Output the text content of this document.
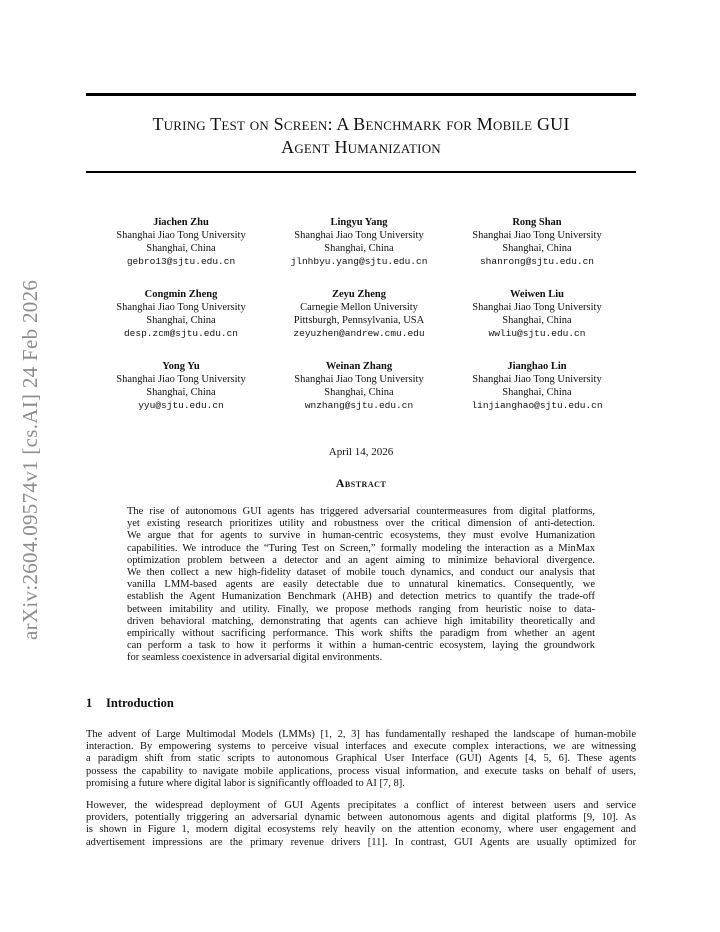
arXiv:2604.09574v1 [cs.AI] 24 Feb 2026
Turing Test on Screen: A Benchmark for Mobile GUI
Agent Humanization
Jiachen Zhu
Shanghai Jiao Tong University
Shanghai, China
gebro13@sjtu.edu.cn
Lingyu Yang
Shanghai Jiao Tong University
Shanghai, China
jlnhbyu.yang@sjtu.edu.cn
Rong Shan
Shanghai Jiao Tong University
Shanghai, China
shanrong@sjtu.edu.cn
Congmin Zheng
Shanghai Jiao Tong University
Shanghai, China
desp.zcm@sjtu.edu.cn
Zeyu Zheng
Carnegie Mellon University
Pittsburgh, Pennsylvania, USA
zeyuzhen@andrew.cmu.edu
Weiwen Liu
Shanghai Jiao Tong University
Shanghai, China
wwliu@sjtu.edu.cn
Yong Yu
Shanghai Jiao Tong University
Shanghai, China
yyu@sjtu.edu.cn
Weinan Zhang
Shanghai Jiao Tong University
Shanghai, China
wnzhang@sjtu.edu.cn
Jianghao Lin
Shanghai Jiao Tong University
Shanghai, China
linjianghao@sjtu.edu.cn
April 14, 2026
Abstract
The rise of autonomous GUI agents has triggered adversarial countermeasures from digital platforms,
yet existing research prioritizes utility and robustness over the critical dimension of anti-detection.
We argue that for agents to survive in human-centric ecosystems, they must evolve Humanization
capabilities. We introduce the “Turing Test on Screen,” formally modeling the interaction as a MinMax
optimization problem between a detector and an agent aiming to minimize behavioral divergence.
We then collect a new high-fidelity dataset of mobile touch dynamics, and conduct our analysis that
vanilla LMM-based agents are easily detectable due to unnatural kinematics. Consequently, we
establish the Agent Humanization Benchmark (AHB) and detection metrics to quantify the trade-off
between imitability and utility. Finally, we propose methods ranging from heuristic noise to data-
driven behavioral matching, demonstrating that agents can achieve high imitability theoretically and
empirically without sacrificing performance. This work shifts the paradigm from whether an agent
can perform a task to how it performs it within a human-centric ecosystem, laying the groundwork
for seamless coexistence in adversarial digital environments.
1 Introduction
The advent of Large Multimodal Models (LMMs) [1, 2, 3] has fundamentally reshaped the landscape of human-mobile
interaction. By empowering systems to perceive visual interfaces and execute complex interactions, we are witnessing
a paradigm shift from static scripts to autonomous Graphical User Interface (GUI) Agents [4, 5, 6]. These agents
possess the capability to navigate mobile applications, process visual information, and execute tasks on behalf of users,
promising a future where digital labor is significantly offloaded to AI [7, 8].
However, the widespread deployment of GUI Agents precipitates a conflict of interest between users and service
providers, potentially triggering an adversarial dynamic between autonomous agents and digital platforms [9, 10]. As
is shown in Figure 1, modern digital ecosystems rely heavily on the attention economy, where user engagement and
advertisement impressions are the primary revenue drivers [11]. In contrast, GUI Agents are usually optimized for
